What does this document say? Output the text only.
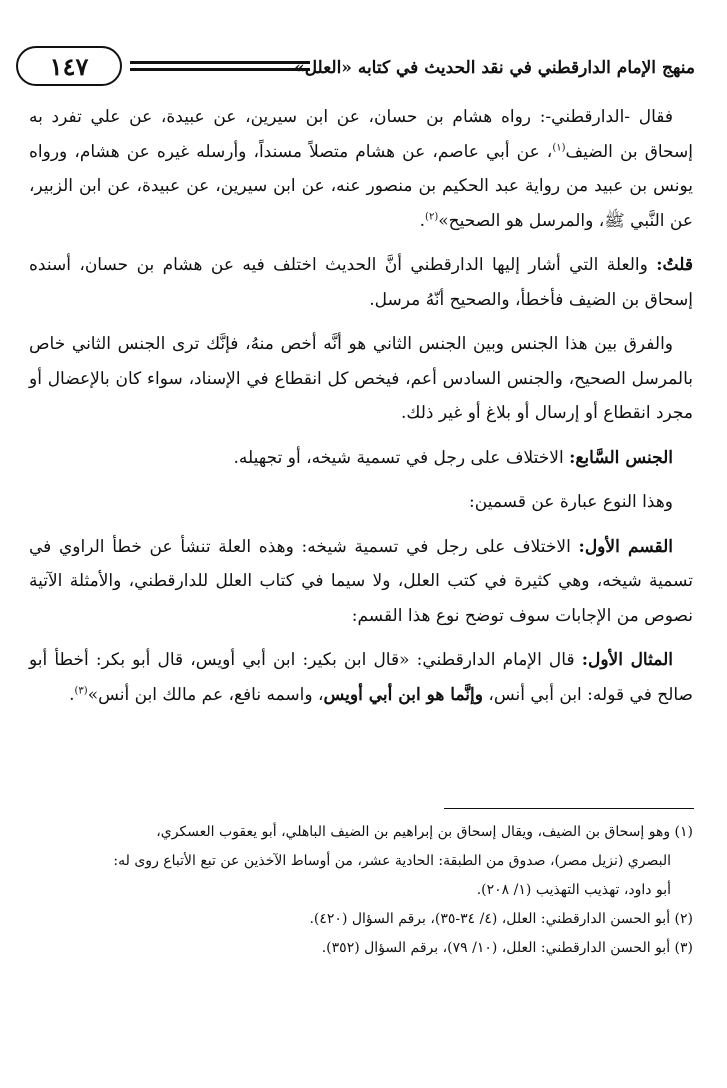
١٤٧	منهج الإمام الدارقطني في نقد الحديث في كتابه «العلل»

فقال -الدارقطني-: رواه هشام بن حسان، عن ابن سيرين، عن عبيدة، عن علي تفرد به إسحاق بن الضيف$^{(١)}$، عن أبي عاصم، عن هشام متصلاً مسنداً، وأرسله غيره عن هشام، ورواه يونس بن عبيد من رواية عبد الحكيم بن منصور عنه، عن ابن سيرين، عن عبيدة، عن ابن الزبير، عن النَّبي ﷺ، والمرسل هو الصحيح»$^{(٢)}$.

قلتُ: والعلة التي أشار إليها الدارقطني أنَّ الحديث اختلف فيه عن هشام بن حسان، أسنده إسحاق بن الضيف فأخطأ، والصحيح أنّهُ مرسل.

والفرق بين هذا الجنس وبين الجنس الثاني هو أنَّه أخص منهُ، فإنَّك ترى الجنس الثاني خاص بالمرسل الصحيح، والجنس السادس أعم، فيخص كل انقطاع في الإسناد، سواء كان بالإعضال أو مجرد انقطاع أو إرسال أو بلاغ أو غير ذلك.

الجنس السَّابع: الاختلاف على رجل في تسمية شيخه، أو تجهيله.

وهذا النوع عبارة عن قسمين:

القسم الأول: الاختلاف على رجل في تسمية شيخه: وهذه العلة تنشأ عن خطأ الراوي في تسمية شيخه، وهي كثيرة في كتب العلل، ولا سيما في كتاب العلل للدارقطني، والأمثلة الآتية نصوص من الإجابات سوف توضح نوع هذا القسم:

المثال الأول: قال الإمام الدارقطني: «قال ابن بكير: ابن أبي أويس، قال أبو بكر: أخطأ أبو صالح في قوله: ابن أبي أنس، وإنَّما هو ابن أبي أويس، واسمه نافع، عم مالك ابن أنس»$^{(٣)}$.

(١) وهو إسحاق بن الضيف، ويقال إسحاق بن إبراهيم بن الضيف الباهلي، أبو يعقوب العسكري،

البصري (نزيل مصر)، صدوق من الطبقة: الحادية عشر، من أوساط الآخذين عن تبع الأتباع روى له:

أبو داود، تهذيب التهذيب (١/ ٢٠٨).

(٢) أبو الحسن الدارقطني: العلل، (٤/ ٣٤-٣٥)، برقم السؤال (٤٢٠).

(٣) أبو الحسن الدارقطني: العلل، (١٠/ ٧٩)، برقم السؤال (٣٥٢).
